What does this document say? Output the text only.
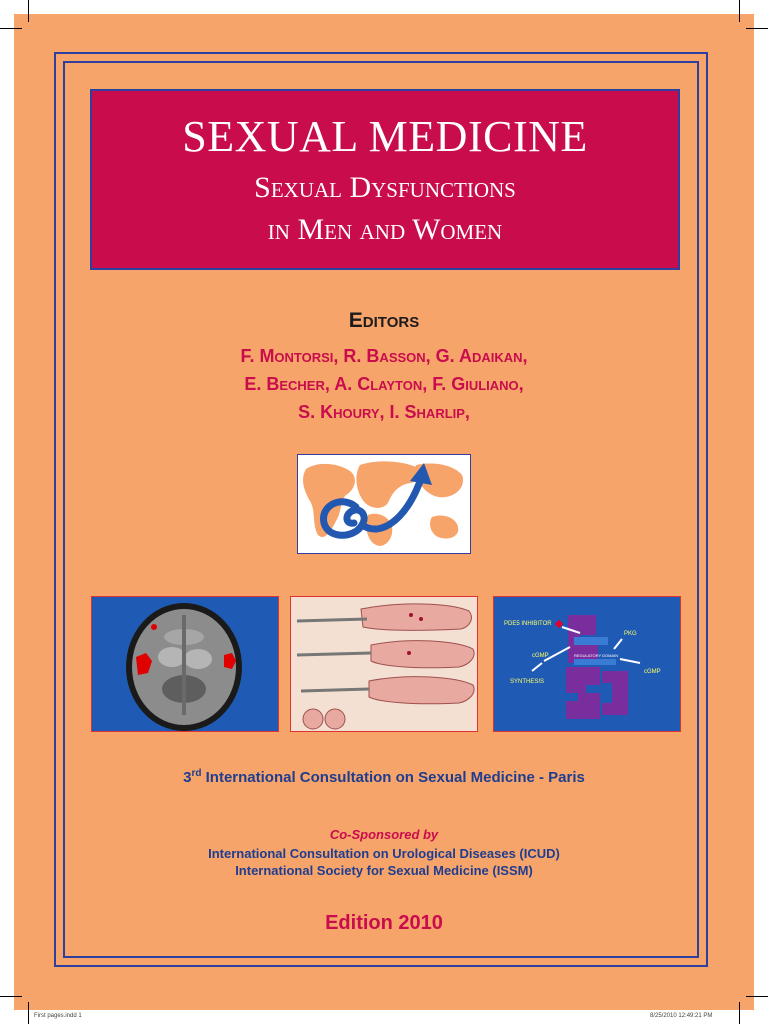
SEXUAL MEDICINE
Sexual Dysfunctions
in Men and Women
Editors
F. Montorsi, R. Basson, G. Adaikan,
E. Becher, A. Clayton, F. Giuliano,
S. Khoury, I. Sharlip,
PDE5 INHIBITOR
PKG
cGMP
cGMP
SYNTHESIS
REGULATORY DOMAIN
3rd International Consultation on Sexual Medicine - Paris
Co-Sponsored by
International Consultation on Urological Diseases (ICUD)
International Society for Sexual Medicine (ISSM)
Edition 2010
First pages.indd 1	8/25/2010 12:49:21 PM
